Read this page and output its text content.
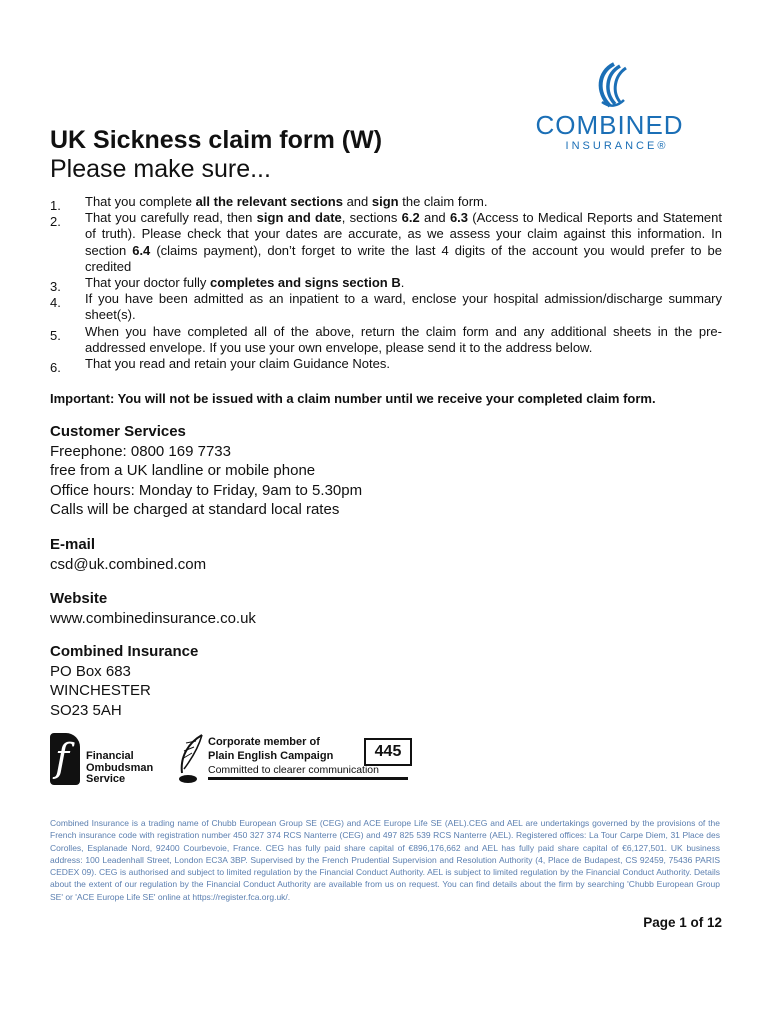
COMBINED
INSURANCE®
UK Sickness claim form (W)
Please make sure...
1. That you complete all the relevant sections and sign the claim form.
2. That you carefully read, then sign and date, sections 6.2 and 6.3 (Access to Medical Reports and Statement of truth). Please check that your dates are accurate, as we assess your claim against this information. In section 6.4 (claims payment), don’t forget to write the last 4 digits of the account you would prefer to be credited
3. That your doctor fully completes and signs section B.
4. If you have been admitted as an inpatient to a ward, enclose your hospital admission/discharge summary sheet(s).
5. When you have completed all of the above, return the claim form and any additional sheets in the pre-addressed envelope. If you use your own envelope, please send it to the address below.
6. That you read and retain your claim Guidance Notes.
Important: You will not be issued with a claim number until we receive your completed claim form.
Customer Services
Freephone: 0800 169 7733
free from a UK landline or mobile phone
Office hours: Monday to Friday, 9am to 5.30pm
Calls will be charged at standard local rates
E-mail
csd@uk.combined.com
Website
www.combinedinsurance.co.uk
Combined Insurance
PO Box 683
WINCHESTER
SO23 5AH
f Financial
Ombudsman
Service
Corporate member of
Plain English Campaign
Committed to clearer communication
445
Combined Insurance is a trading name of Chubb European Group SE (CEG) and ACE Europe Life SE (AEL).CEG and AEL are undertakings governed by the provisions of the French insurance code with registration number 450 327 374 RCS Nanterre (CEG) and 497 825 539 RCS Nanterre (AEL). Registered offices: La Tour Carpe Diem, 31 Place des Corolles, Esplanade Nord, 92400 Courbevoie, France. CEG has fully paid share capital of €896,176,662 and AEL has fully paid share capital of €6,127,501. UK business address: 100 Leadenhall Street, London EC3A 3BP. Supervised by the French Prudential Supervision and Resolution Authority (4, Place de Budapest, CS 92459, 75436 PARIS CEDEX 09). CEG is authorised and subject to limited regulation by the Financial Conduct Authority. AEL is subject to limited regulation by the Financial Conduct Authority. Details about the extent of our regulation by the Financial Conduct Authority are available from us on request. You can find details about the firm by searching 'Chubb European Group SE' or 'ACE Europe Life SE' online at https://register.fca.org.uk/.
Page 1 of 12
